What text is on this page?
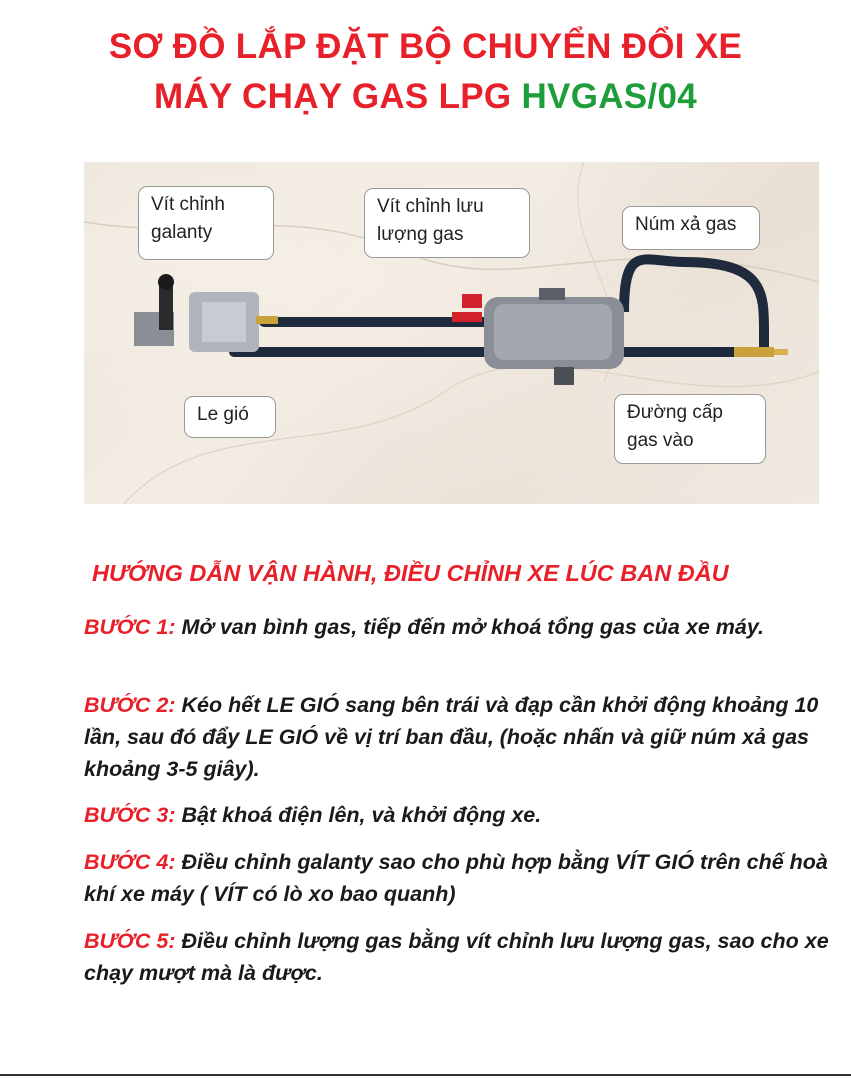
SƠ ĐỒ LẮP ĐẶT BỘ CHUYỂN ĐỔI XE
MÁY CHẠY GAS LPG HVGAS/04
Vít chỉnh
galanty
Vít chỉnh lưu
lượng gas	Núm xả gas
Le gió	Đường cấp
gas vào
HƯỚNG DẪN VẬN HÀNH, ĐIỀU CHỈNH XE LÚC BAN ĐẦU
BƯỚC 1: Mở van bình gas, tiếp đến mở khoá tổng gas của xe máy.
BƯỚC 2: Kéo hết LE GIÓ sang bên trái và đạp cần khởi động khoảng 10 lần, sau đó đẩy LE GIÓ về vị trí ban đầu, (hoặc nhấn và giữ núm xả gas khoảng 3-5 giây).
BƯỚC 3: Bật khoá điện lên, và khởi động xe.
BƯỚC 4: Điều chỉnh galanty sao cho phù hợp bằng VÍT GIÓ trên chế hoà khí xe máy ( VÍT có lò xo bao quanh)
BƯỚC 5: Điều chỉnh lượng gas bằng vít chỉnh lưu lượng gas, sao cho xe chạy mượt mà là được.
